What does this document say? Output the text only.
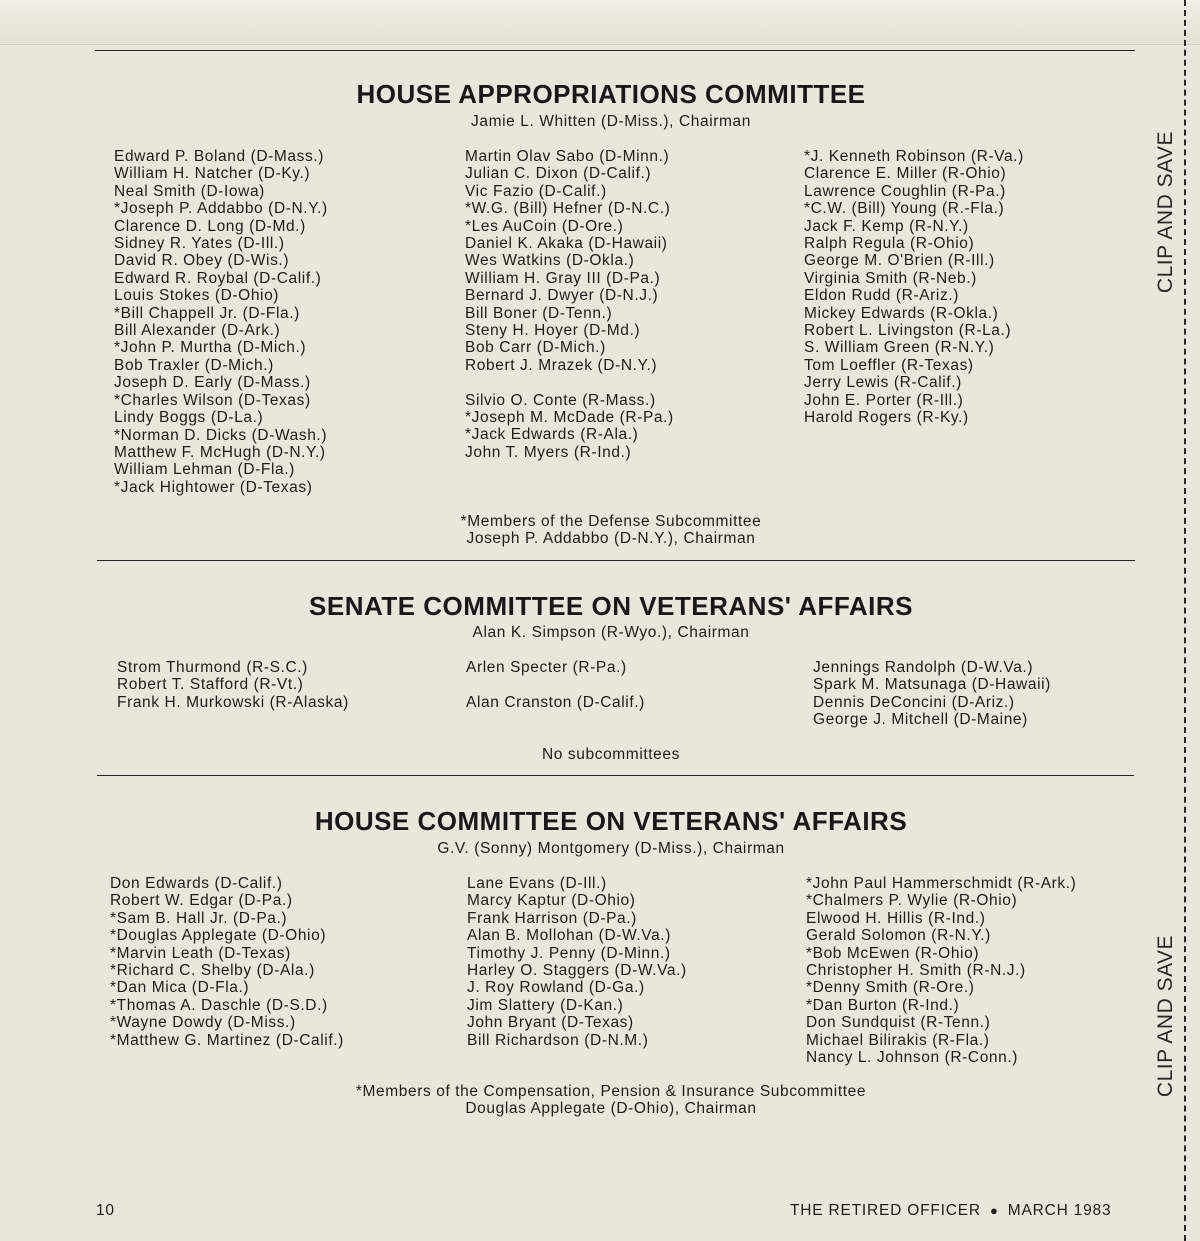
CLIP AND SAVE
CLIP AND SAVE
HOUSE APPROPRIATIONS COMMITTEE
Jamie L. Whitten (D-Miss.), Chairman
Edward P. Boland (D-Mass.)
William H. Natcher (D-Ky.)
Neal Smith (D-Iowa)
*Joseph P. Addabbo (D-N.Y.)
Clarence D. Long (D-Md.)
Sidney R. Yates (D-Ill.)
David R. Obey (D-Wis.)
Edward R. Roybal (D-Calif.)
Louis Stokes (D-Ohio)
*Bill Chappell Jr. (D-Fla.)
Bill Alexander (D-Ark.)
*John P. Murtha (D-Mich.)
Bob Traxler (D-Mich.)
Joseph D. Early (D-Mass.)
*Charles Wilson (D-Texas)
Lindy Boggs (D-La.)
*Norman D. Dicks (D-Wash.)
Matthew F. McHugh (D-N.Y.)
William Lehman (D-Fla.)
*Jack Hightower (D-Texas)
Martin Olav Sabo (D-Minn.)
Julian C. Dixon (D-Calif.)
Vic Fazio (D-Calif.)
*W.G. (Bill) Hefner (D-N.C.)
*Les AuCoin (D-Ore.)
Daniel K. Akaka (D-Hawaii)
Wes Watkins (D-Okla.)
William H. Gray III (D-Pa.)
Bernard J. Dwyer (D-N.J.)
Bill Boner (D-Tenn.)
Steny H. Hoyer (D-Md.)
Bob Carr (D-Mich.)
Robert J. Mrazek (D-N.Y.)
Silvio O. Conte (R-Mass.)
*Joseph M. McDade (R-Pa.)
*Jack Edwards (R-Ala.)
John T. Myers (R-Ind.)
*J. Kenneth Robinson (R-Va.)
Clarence E. Miller (R-Ohio)
Lawrence Coughlin (R-Pa.)
*C.W. (Bill) Young (R.-Fla.)
Jack F. Kemp (R-N.Y.)
Ralph Regula (R-Ohio)
George M. O'Brien (R-Ill.)
Virginia Smith (R-Neb.)
Eldon Rudd (R-Ariz.)
Mickey Edwards (R-Okla.)
Robert L. Livingston (R-La.)
S. William Green (R-N.Y.)
Tom Loeffler (R-Texas)
Jerry Lewis (R-Calif.)
John E. Porter (R-Ill.)
Harold Rogers (R-Ky.)
*Members of the Defense Subcommittee
Joseph P. Addabbo (D-N.Y.), Chairman
SENATE COMMITTEE ON VETERANS' AFFAIRS
Alan K. Simpson (R-Wyo.), Chairman
Strom Thurmond (R-S.C.)
Robert T. Stafford (R-Vt.)
Frank H. Murkowski (R-Alaska)
Arlen Specter (R-Pa.)
Alan Cranston (D-Calif.)
Jennings Randolph (D-W.Va.)
Spark M. Matsunaga (D-Hawaii)
Dennis DeConcini (D-Ariz.)
George J. Mitchell (D-Maine)
No subcommittees
HOUSE COMMITTEE ON VETERANS' AFFAIRS
G.V. (Sonny) Montgomery (D-Miss.), Chairman
Don Edwards (D-Calif.)
Robert W. Edgar (D-Pa.)
*Sam B. Hall Jr. (D-Pa.)
*Douglas Applegate (D-Ohio)
*Marvin Leath (D-Texas)
*Richard C. Shelby (D-Ala.)
*Dan Mica (D-Fla.)
*Thomas A. Daschle (D-S.D.)
*Wayne Dowdy (D-Miss.)
*Matthew G. Martinez (D-Calif.)
Lane Evans (D-Ill.)
Marcy Kaptur (D-Ohio)
Frank Harrison (D-Pa.)
Alan B. Mollohan (D-W.Va.)
Timothy J. Penny (D-Minn.)
Harley O. Staggers (D-W.Va.)
J. Roy Rowland (D-Ga.)
Jim Slattery (D-Kan.)
John Bryant (D-Texas)
Bill Richardson (D-N.M.)
*John Paul Hammerschmidt (R-Ark.)
*Chalmers P. Wylie (R-Ohio)
Elwood H. Hillis (R-Ind.)
Gerald Solomon (R-N.Y.)
*Bob McEwen (R-Ohio)
Christopher H. Smith (R-N.J.)
*Denny Smith (R-Ore.)
*Dan Burton (R-Ind.)
Don Sundquist (R-Tenn.)
Michael Bilirakis (R-Fla.)
Nancy L. Johnson (R-Conn.)
*Members of the Compensation, Pension & Insurance Subcommittee
Douglas Applegate (D-Ohio), Chairman
10	THE RETIRED OFFICER ● MARCH 1983
